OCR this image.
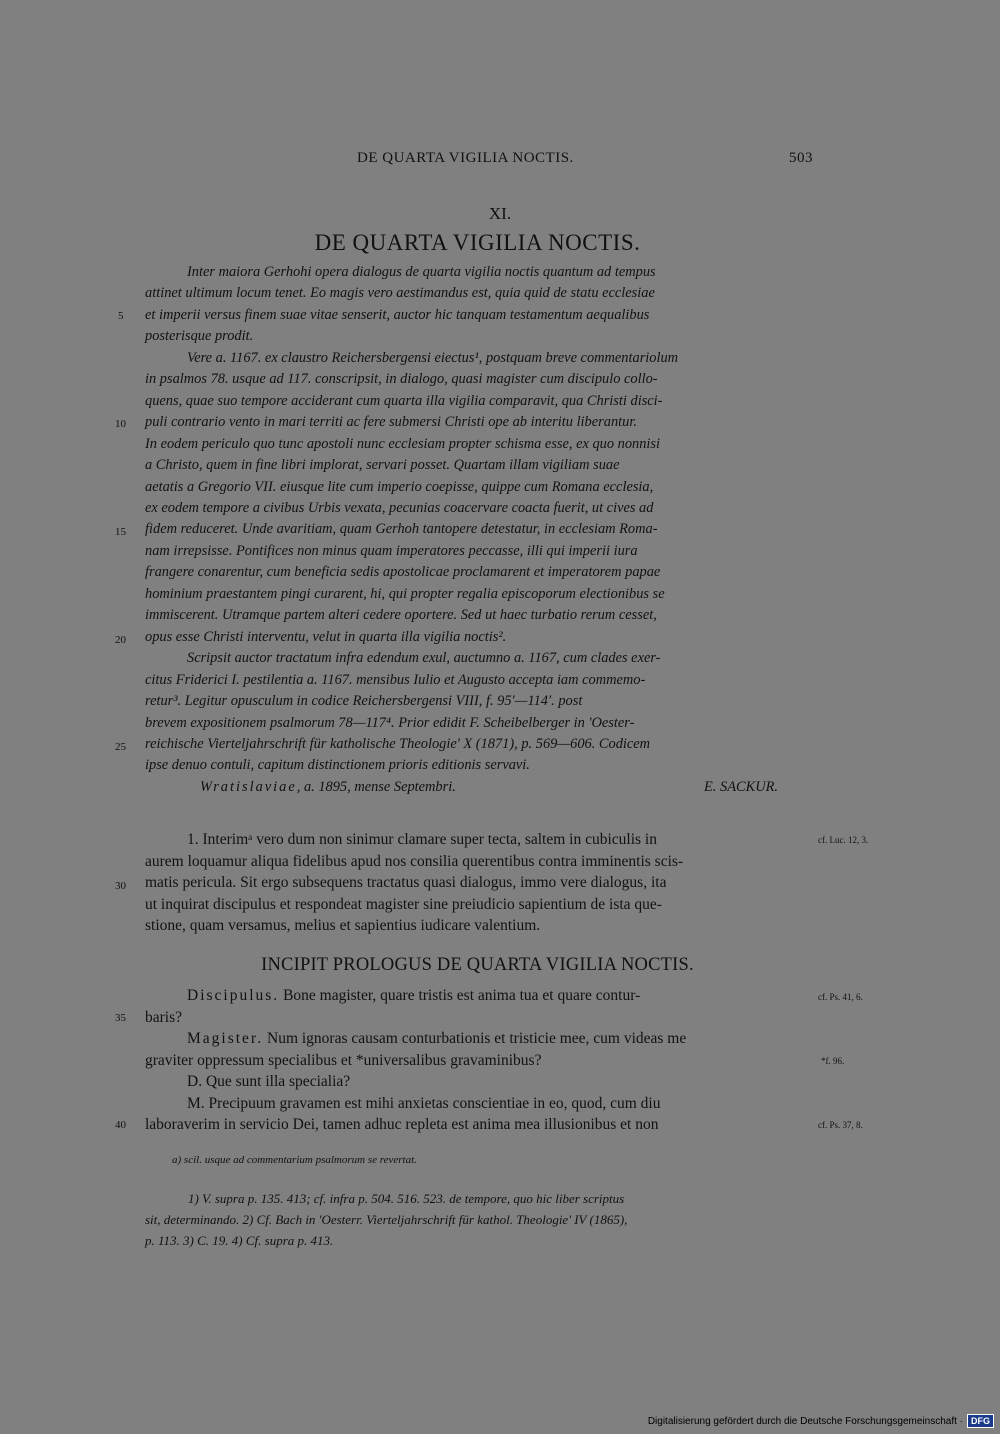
DE QUARTA VIGILIA NOCTIS.	503
XI.
DE QUARTA VIGILIA NOCTIS.
Inter maiora Gerhohi opera dialogus de quarta vigilia noctis quantum ad tempus
attinet ultimum locum tenet. Eo magis vero aestimandus est, quia quid de statu ecclesiae
et imperii versus finem suae vitae senserit, auctor hic tanquam testamentum aequalibus
posterisque prodit.
Vere a. 1167. ex claustro Reichersbergensi eiectus¹, postquam breve commentariolum
in psalmos 78. usque ad 117. conscripsit, in dialogo, quasi magister cum discipulo collo-
quens, quae suo tempore acciderant cum quarta illa vigilia comparavit, qua Christi disci-
puli contrario vento in mari territi ac fere submersi Christi ope ab interitu liberantur.
In eodem periculo quo tunc apostoli nunc ecclesiam propter schisma esse, ex quo nonnisi
a Christo, quem in fine libri implorat, servari posset. Quartam illam vigiliam suae
aetatis a Gregorio VII. eiusque lite cum imperio coepisse, quippe cum Romana ecclesia,
ex eodem tempore a civibus Urbis vexata, pecunias coacervare coacta fuerit, ut cives ad
fidem reduceret. Unde avaritiam, quam Gerhoh tantopere detestatur, in ecclesiam Roma-
nam irrepsisse. Pontifices non minus quam imperatores peccasse, illi qui imperii iura
frangere conarentur, cum beneficia sedis apostolicae proclamarent et imperatorem papae
hominium praestantem pingi curarent, hi, qui propter regalia episcoporum electionibus se
immiscerent. Utramque partem alteri cedere oportere. Sed ut haec turbatio rerum cesset,
opus esse Christi interventu, velut in quarta illa vigilia noctis².
Scripsit auctor tractatum infra edendum exul, auctumno a. 1167, cum clades exer-
citus Friderici I. pestilentia a. 1167. mensibus Iulio et Augusto accepta iam commemo-
retur³. Legitur opusculum in codice Reichersbergensi VIII, f. 95′—114′. post
brevem expositionem psalmorum 78—117⁴. Prior edidit F. Scheibelberger in 'Oester-
reichische Vierteljahrschrift für katholische Theologie' X (1871), p. 569—606. Codicem
ipse denuo contuli, capitum distinctionem prioris editionis servavi.
Wratislaviae, a. 1895, mense Septembri.	E. SACKUR.
1. Interimᵃ vero dum non sinimur clamare super tecta, saltem in cubiculis in
aurem loquamur aliqua fidelibus apud nos consilia querentibus contra imminentis scis-
matis pericula. Sit ergo subsequens tractatus quasi dialogus, immo vere dialogus, ita
ut inquirat discipulus et respondeat magister sine preiudicio sapientium de ista que-
stione, quam versamus, melius et sapientius iudicare valentium.
INCIPIT PROLOGUS DE QUARTA VIGILIA NOCTIS.
Discipulus. Bone magister, quare tristis est anima tua et quare contur-
baris?
Magister. Num ignoras causam conturbationis et tristicie mee, cum videas me
graviter oppressum specialibus et *universalibus gravaminibus?
D. Que sunt illa specialia?
M. Precipuum gravamen est mihi anxietas conscientiae in eo, quod, cum diu
laboraverim in servicio Dei, tamen adhuc repleta est anima mea illusionibus et non
5
10
15
20
25
30
35
40
cf. Luc. 12, 3.
cf. Ps. 41, 6.
*f. 96.
cf. Ps. 37, 8.
a) scil. usque ad commentarium psalmorum se revertat.
1) V. supra p. 135. 413; cf. infra p. 504. 516. 523. de tempore, quo hic liber scriptus
sit, determinando. 2) Cf. Bach in 'Oesterr. Vierteljahrschrift für kathol. Theologie' IV (1865),
p. 113. 3) C. 19. 4) Cf. supra p. 413.
Digitalisierung gefördert durch die Deutsche Forschungsgemeinschaft · DFG
